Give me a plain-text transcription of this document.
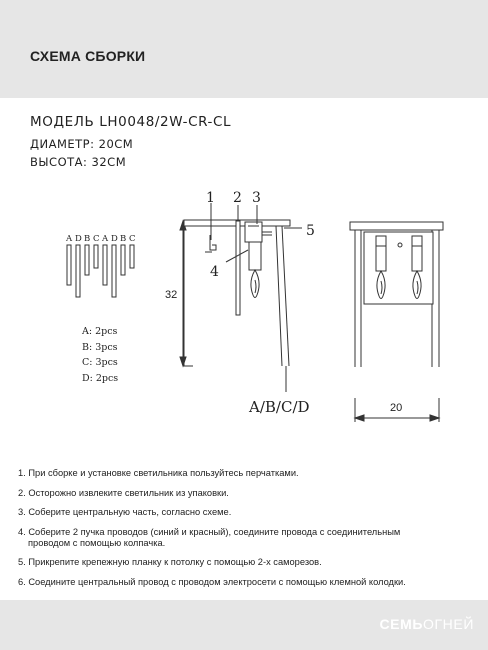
СХЕМА СБОРКИ
МОДЕЛЬ LH0048/2W-CR-CL
ДИАМЕТР: 20СМ
ВЫСОТА: 32СМ
A D B C A D B C
1 2 3
4
5
32
20
A/B/C/D
A: 2pcs
B: 3pcs
C: 3pcs
D: 2pcs
1. При сборке и установке светильника пользуйтесь перчатками.
2. Осторожно извлеките светильник из упаковки.
3. Соберите центральную часть, согласно схеме.
4. Соберите 2 пучка проводов (синий и красный), соедините провода с соединительным
проводом с помощью колпачка.
5. Прикрепите крепежную планку к потолку с помощью 2-х саморезов.
6. Соедините центральный провод с проводом электросети с помощью клемной колодки.
СЕМЬОГНЕЙ
